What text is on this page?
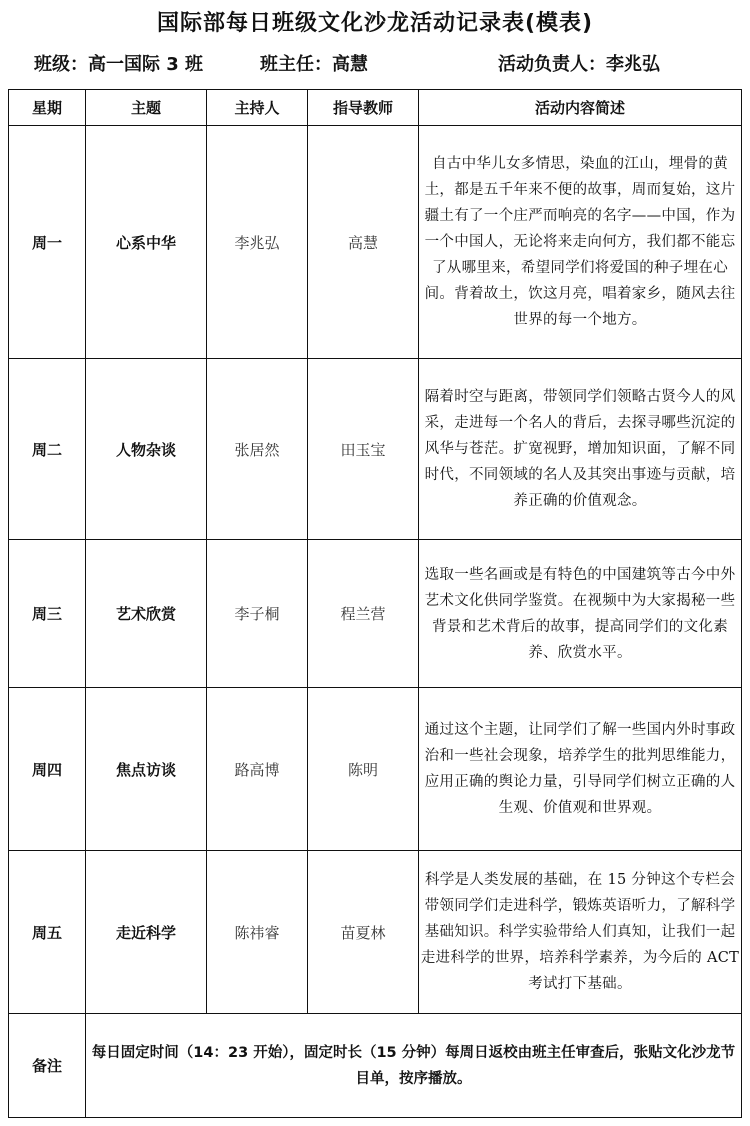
国际部每日班级文化沙龙活动记录表(模表)
班级：高一国际 3 班	班主任：高慧	活动负责人：李兆弘
星期	主题	主持人	指导教师	活动内容简述
周一	心系中华	李兆弘	高慧	自古中华儿女多情思，染血的江山，埋骨的黄土，都是五千年来不便的故事，周而复始，这片疆土有了一个庄严而响亮的名字——中国，作为一个中国人，无论将来走向何方，我们都不能忘了从哪里来，希望同学们将爱国的种子埋在心间。背着故土，饮这月亮，唱着家乡，随风去往世界的每一个地方。
周二	人物杂谈	张居然	田玉宝	隔着时空与距离，带领同学们领略古贤今人的风采，走进每一个名人的背后，去探寻哪些沉淀的风华与苍茫。扩宽视野，增加知识面，了解不同时代，不同领域的名人及其突出事迹与贡献，培养正确的价值观念。
周三	艺术欣赏	李子桐	程兰营	选取一些名画或是有特色的中国建筑等古今中外艺术文化供同学鉴赏。在视频中为大家揭秘一些背景和艺术背后的故事，提高同学们的文化素养、欣赏水平。
周四	焦点访谈	路高博	陈明	通过这个主题，让同学们了解一些国内外时事政治和一些社会现象，培养学生的批判思维能力，应用正确的舆论力量，引导同学们树立正确的人生观、价值观和世界观。
周五	走近科学	陈祎睿	苗夏林	科学是人类发展的基础，在 15 分钟这个专栏会带领同学们走进科学，锻炼英语听力，了解科学基础知识。科学实验带给人们真知，让我们一起走进科学的世界，培养科学素养，为今后的 ACT 考试打下基础。
备注	每日固定时间（14：23 开始），固定时长（15 分钟）每周日返校由班主任审查后，张贴文化沙龙节目单，按序播放。			
